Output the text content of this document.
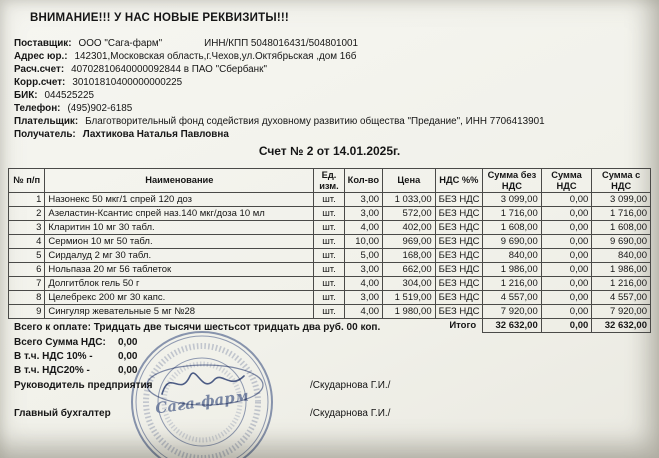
ВНИМАНИЕ!!! У НАС НОВЫЕ РЕКВИЗИТЫ!!!
Поставщик: ООО "Сага-фарм"	ИНН/КПП 5048016431/504801001
Адрес юр.: 142301,Московская область,г.Чехов,ул.Октябрьская ,дом 16б
Расч.счет: 40702810640000092844 в ПАО "Сбербанк"
Корр.счет: 30101810400000000225
БИК: 044525225
Телефон: (495)902-6185
Плательщик: Благотворительный фонд содействия духовному развитию общества "Предание", ИНН 7706413901
Получатель: Лахтикова Наталья Павловна
Счет № 2 от 14.01.2025г.
№ п/п	Наименование	Ед. изм.	Кол-во	Цена	НДС %%	Сумма без НДС	Сумма НДС	Сумма с НДС
1	Назонекс 50 мкг/1 спрей 120 доз	шт.	3,00	1 033,00	БЕЗ НДС	3 099,00	0,00	3 099,00
2	Азеластин-Ксантис спрей наз.140 мкг/доза 10 мл	шт.	3,00	572,00	БЕЗ НДС	1 716,00	0,00	1 716,00
3	Кларитин 10 мг 30 табл.	шт.	4,00	402,00	БЕЗ НДС	1 608,00	0,00	1 608,00
4	Сермион 10 мг 50 табл.	шт.	10,00	969,00	БЕЗ НДС	9 690,00	0,00	9 690,00
5	Сирдалуд 2 мг 30 табл.	шт.	5,00	168,00	БЕЗ НДС	840,00	0,00	840,00
6	Нольпаза 20 мг 56 таблеток	шт.	3,00	662,00	БЕЗ НДС	1 986,00	0,00	1 986,00
7	Долгитблок гель 50 г	шт.	4,00	304,00	БЕЗ НДС	1 216,00	0,00	1 216,00
8	Целебрекс 200 мг 30 капс.	шт.	3,00	1 519,00	БЕЗ НДС	4 557,00	0,00	4 557,00
9	Сингуляр жевательные 5 мг №28	шт.	4,00	1 980,00	БЕЗ НДС	7 920,00	0,00	7 920,00
Итого						32 632,00	0,00	32 632,00
Всего к оплате: Тридцать две тысячи шестьсот тридцать два руб. 00 коп.
Всего Сумма НДС: 0,00
В т.ч. НДС 10% -	0,00
В т.ч. НДС20% -	0,00
Руководитель предприятия	/Скударнова Г.И./
Главный бухгалтер	/Скударнова Г.И./
Сага-фарм
